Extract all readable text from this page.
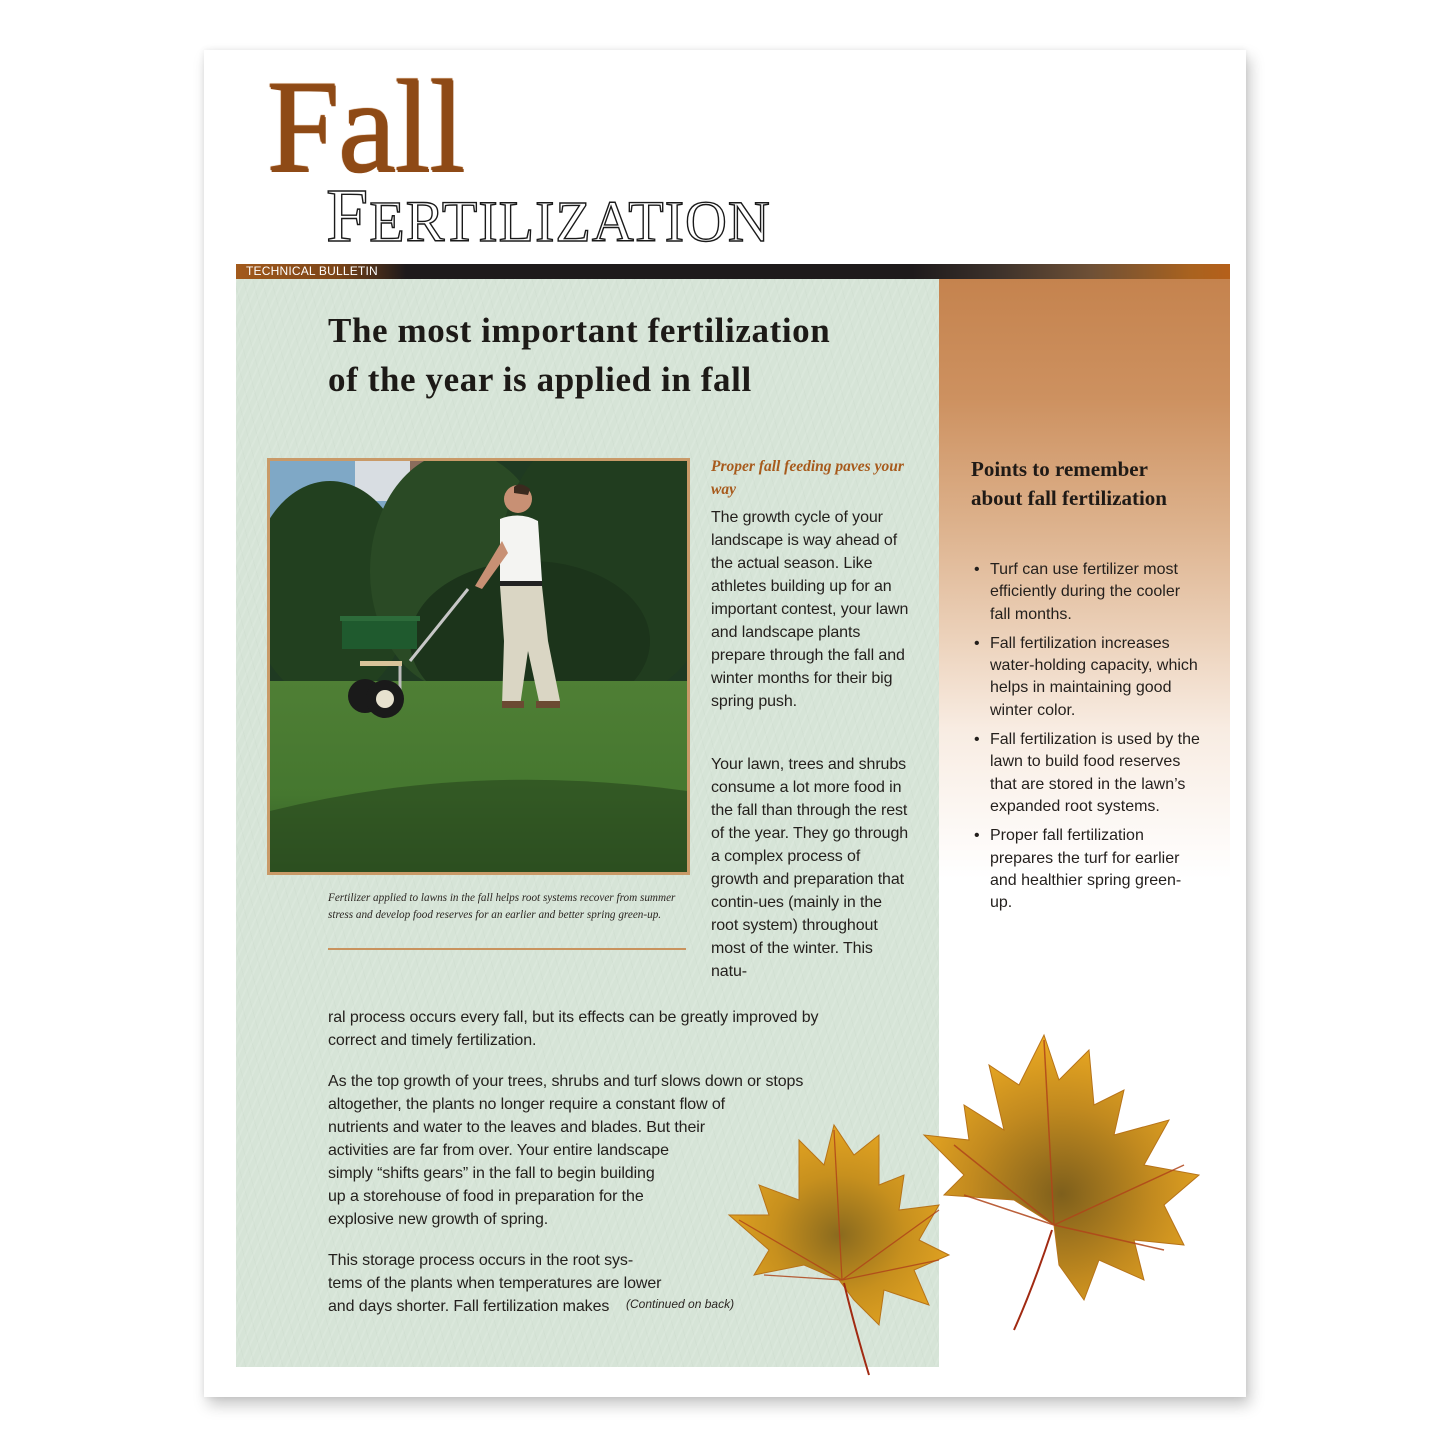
Fall
FERTILIZATION
TECHNICAL BULLETIN
The most important fertilization of the year is applied in fall

Fertilizer applied to lawns in the fall helps root systems recover from summer stress and develop food reserves for an earlier and better spring green-up.

Proper fall feeding paves your way

The growth cycle of your landscape is way ahead of the actual season. Like athletes building up for an important contest, your lawn and landscape plants prepare through the fall and winter months for their big spring push.

Your lawn, trees and shrubs consume a lot more food in the fall than through the rest of the year. They go through a complex process of growth and preparation that contin-ues (mainly in the root system) throughout most of the winter. This natu-

ral process occurs every fall, but its effects can be greatly improved by

correct and timely fertilization.

As the top growth of your trees, shrubs and turf slows down or stops

altogether, the plants no longer require a constant flow of

nutrients and water to the leaves and blades. But their

activities are far from over. Your entire landscape

simply “shifts gears” in the fall to begin building

up a storehouse of food in preparation for the

explosive new growth of spring.

This storage process occurs in the root sys-

tems of the plants when temperatures are lower

and days shorter. Fall fertilization makes (Continued on back)
Points to remember about fall fertilization
• Turf can use fertilizer most efficiently during the cooler fall months.
• Fall fertilization increases water-holding capacity, which helps in maintaining good winter color.
• Fall fertilization is used by the lawn to build food reserves that are stored in the lawn’s expanded root systems.
• Proper fall fertilization prepares the turf for earlier and healthier spring green-up.
